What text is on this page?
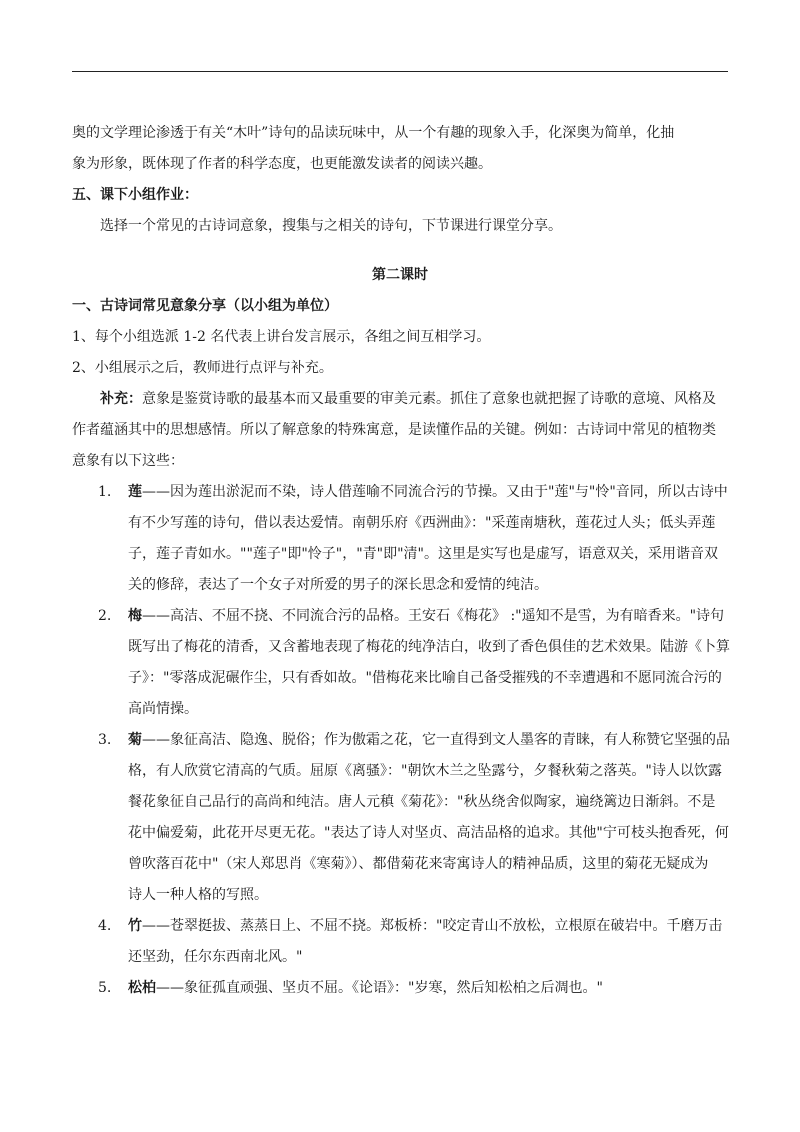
奥的文学理论渗透于有关“木叶”诗句的品读玩味中，从一个有趣的现象入手，化深奥为简单，化抽
象为形象，既体现了作者的科学态度，也更能激发读者的阅读兴趣。
五、课下小组作业：
选择一个常见的古诗词意象，搜集与之相关的诗句，下节课进行课堂分享。
第二课时
一、古诗词常见意象分享（以小组为单位）
1、每个小组选派 1-2 名代表上讲台发言展示，各组之间互相学习。
2、小组展示之后，教师进行点评与补充。
补充：意象是鉴赏诗歌的最基本而又最重要的审美元素。抓住了意象也就把握了诗歌的意境、风格及
作者蕴涵其中的思想感情。所以了解意象的特殊寓意，是读懂作品的关键。例如：古诗词中常见的植物类
意象有以下这些：
1.	莲——因为莲出淤泥而不染，诗人借莲喻不同流合污的节操。又由于"莲"与"怜"音同，所以古诗中
有不少写莲的诗句，借以表达爱情。南朝乐府《西洲曲》："采莲南塘秋，莲花过人头；低头弄莲
子，莲子青如水。""莲子"即"怜子"，"青"即"清"。这里是实写也是虚写，语意双关，采用谐音双
关的修辞，表达了一个女子对所爱的男子的深长思念和爱情的纯洁。
2.	梅——高洁、不屈不挠、不同流合污的品格。王安石《梅花》 :"遥知不是雪，为有暗香来。"诗句
既写出了梅花的清香，又含蓄地表现了梅花的纯净洁白，收到了香色俱佳的艺术效果。陆游《卜算
子》："零落成泥碾作尘，只有香如故。"借梅花来比喻自己备受摧残的不幸遭遇和不愿同流合污的
高尚情操。
3.	菊——象征高洁、隐逸、脱俗；作为傲霜之花，它一直得到文人墨客的青睐，有人称赞它坚强的品
格，有人欣赏它清高的气质。屈原《离骚》："朝饮木兰之坠露兮，夕餐秋菊之落英。"诗人以饮露
餐花象征自己品行的高尚和纯洁。唐人元稹《菊花》："秋丛绕舍似陶家，遍绕篱边日渐斜。不是
花中偏爱菊，此花开尽更无花。"表达了诗人对坚贞、高洁品格的追求。其他"宁可枝头抱香死，何
曾吹落百花中"（宋人郑思肖《寒菊》）、都借菊花来寄寓诗人的精神品质，这里的菊花无疑成为
诗人一种人格的写照。
4.	竹——苍翠挺拔、蒸蒸日上、不屈不挠。郑板桥："咬定青山不放松，立根原在破岩中。千磨万击
还坚劲，任尔东西南北风。"
5.	松柏——象征孤直顽强、坚贞不屈。《论语》："岁寒，然后知松柏之后凋也。"
